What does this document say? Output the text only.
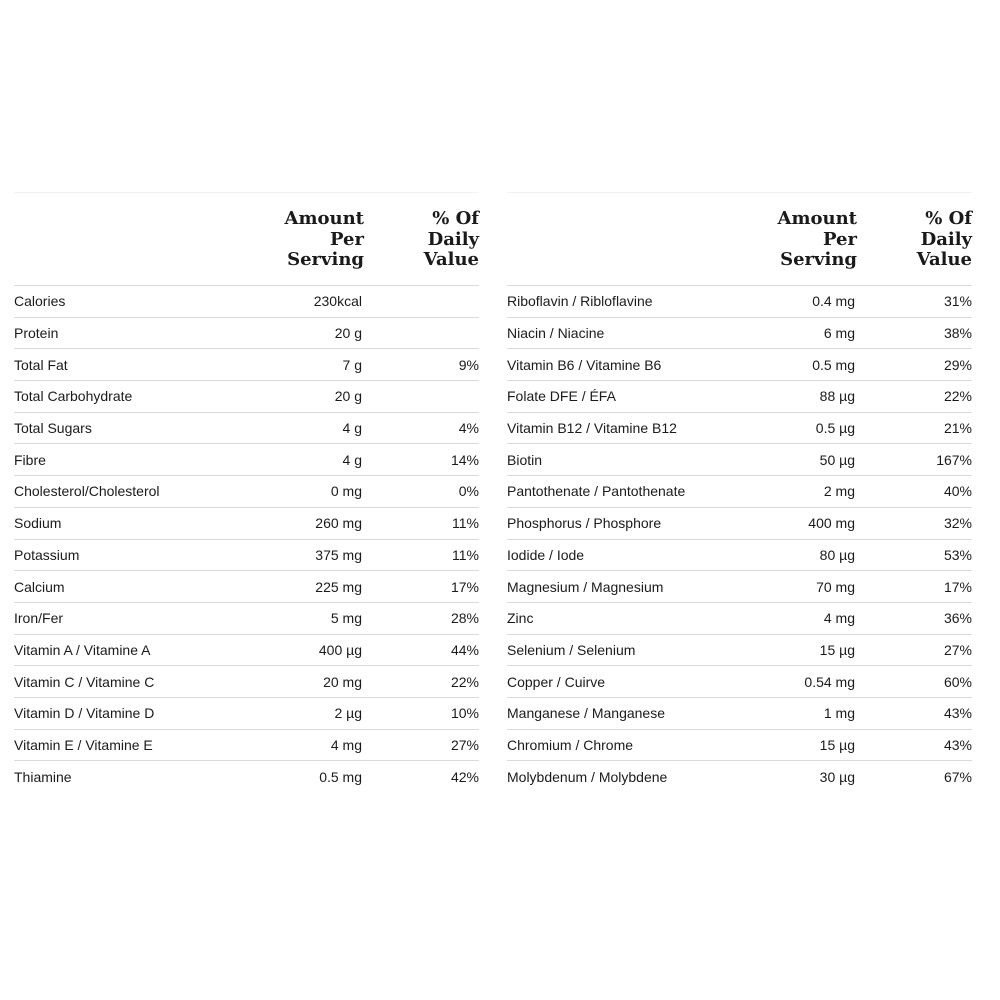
Amount
Per
Serving
% Of
Daily
Value
Calories	230kcal
Protein	20 g
Total Fat	7 g	9%
Total Carbohydrate	20 g
Total Sugars	4 g	4%
Fibre	4 g	14%
Cholesterol/Cholesterol	0 mg	0%
Sodium	260 mg	11%
Potassium	375 mg	11%
Calcium	225 mg	17%
Iron/Fer	5 mg	28%
Vitamin A / Vitamine A	400 µg	44%
Vitamin C / Vitamine C	20 mg	22%
Vitamin D / Vitamine D	2 µg	10%
Vitamin E / Vitamine E	4 mg	27%
Thiamine	0.5 mg	42%
Amount
Per
Serving
% Of
Daily
Value
Riboflavin / Ribloflavine	0.4 mg	31%
Niacin / Niacine	6 mg	38%
Vitamin B6 / Vitamine B6	0.5 mg	29%
Folate DFE / ÉFA	88 µg	22%
Vitamin B12 / Vitamine B12	0.5 µg	21%
Biotin	50 µg	167%
Pantothenate / Pantothenate	2 mg	40%
Phosphorus / Phosphore	400 mg	32%
Iodide / Iode	80 µg	53%
Magnesium / Magnesium	70 mg	17%
Zinc	4 mg	36%
Selenium / Selenium	15 µg	27%
Copper / Cuirve	0.54 mg	60%
Manganese / Manganese	1 mg	43%
Chromium / Chrome	15 µg	43%
Molybdenum / Molybdene	30 µg	67%
